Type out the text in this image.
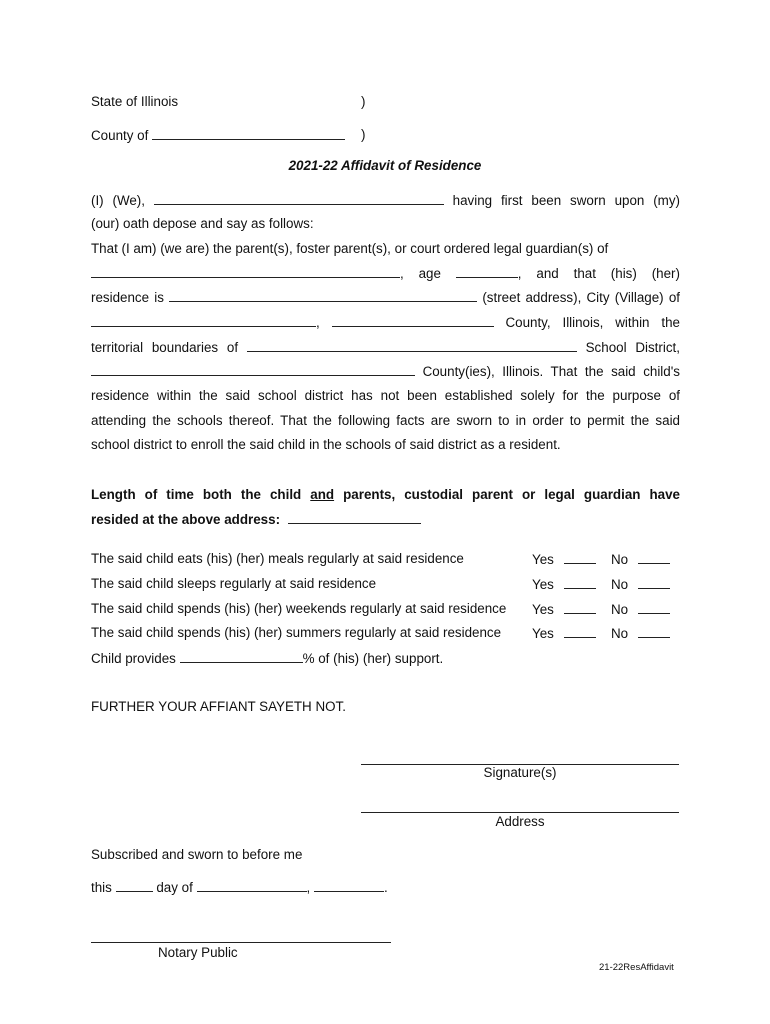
State of Illinois	)
County of	)
2021-22 Affidavit of Residence
(I) (We),	having first been sworn upon (my)
(our) oath depose and say as follows:
That (I am) (we are) the parent(s), foster parent(s), or court ordered legal guardian(s) of
, age	, and that (his) (her)
residence is	(street address), City (Village) of
,	County, Illinois, within the
territorial boundaries of	School District,
County(ies), Illinois. That the said child's
residence within the said school district has not been established solely for the purpose of
attending the schools thereof. That the following facts are sworn to in order to permit the said
school district to enroll the said child in the schools of said district as a resident.
Length of time both the child and parents, custodial parent or legal guardian have
resided at the above address:
The said child eats (his) (her) meals regularly at said residence	Yes	No
The said child sleeps regularly at said residence	Yes	No
The said child spends (his) (her) weekends regularly at said residence Yes	No
The said child spends (his) (her) summers regularly at said residence Yes	No
Child provides	% of (his) (her) support.
FURTHER YOUR AFFIANT SAYETH NOT.
Signature(s)
Address
Subscribed and sworn to before me
this	day of	,	.
Notary Public
21-22ResAffidavit
